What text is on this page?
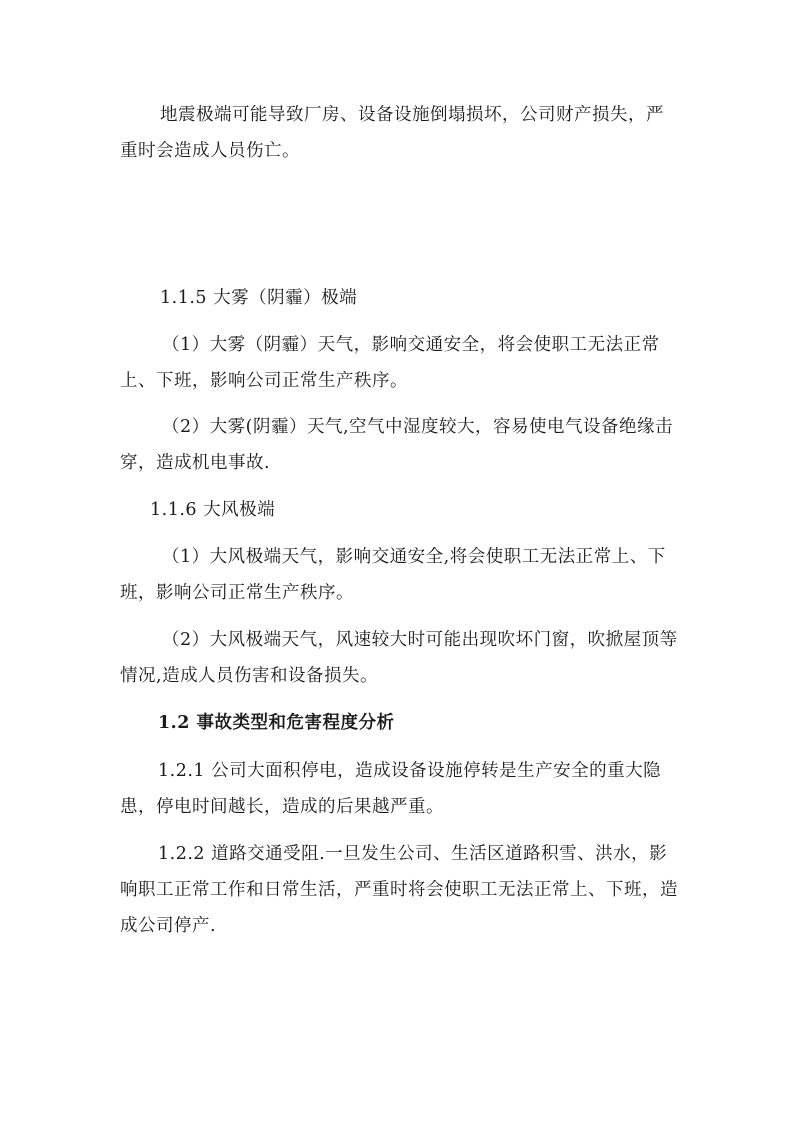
地震极端可能导致厂房、设备设施倒塌损坏，公司财产损失，严重时会造成人员伤亡。

1.1.5 大雾（阴霾）极端

（1）大雾（阴霾）天气，影响交通安全，将会使职工无法正常上、下班，影响公司正常生产秩序。

（2）大雾(阴霾）天气,空气中湿度较大，容易使电气设备绝缘击穿，造成机电事故.

1.1.6 大风极端

（1）大风极端天气，影响交通安全,将会使职工无法正常上、下班，影响公司正常生产秩序。

（2）大风极端天气，风速较大时可能出现吹坏门窗，吹掀屋顶等情况,造成人员伤害和设备损失。

1.2 事故类型和危害程度分析

1.2.1 公司大面积停电，造成设备设施停转是生产安全的重大隐患，停电时间越长，造成的后果越严重。

1.2.2 道路交通受阻.一旦发生公司、生活区道路积雪、洪水，影响职工正常工作和日常生活，严重时将会使职工无法正常上、下班，造成公司停产.
